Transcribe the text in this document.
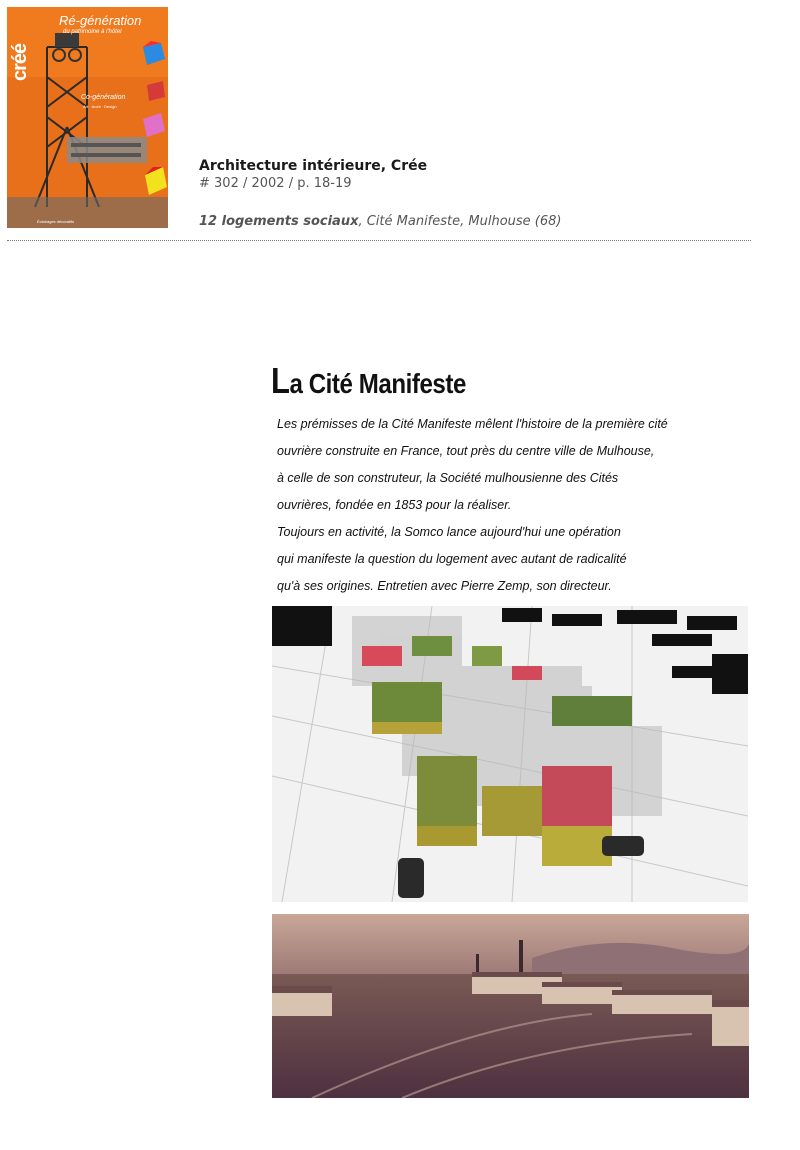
créé
Ré-génération
du patrimoine à l'hôtel
Co-génération
Art · Archi · Design
Éclairages décoratifs

Architecture intérieure, Crée

# 302 / 2002 / p. 18-19

12 logements sociaux, Cité Manifeste, Mulhouse (68)
La Cité Manifeste

Les prémisses de la Cité Manifeste mêlent l'histoire de la première cité

ouvrière construite en France, tout près du centre ville de Mulhouse,

à celle de son construteur, la Société mulhousienne des Cités

ouvrières, fondée en 1853 pour la réaliser.

Toujours en activité, la Somco lance aujourd'hui une opération

qui manifeste la question du logement avec autant de radicalité

qu'à ses origines. Entretien avec Pierre Zemp, son directeur.
